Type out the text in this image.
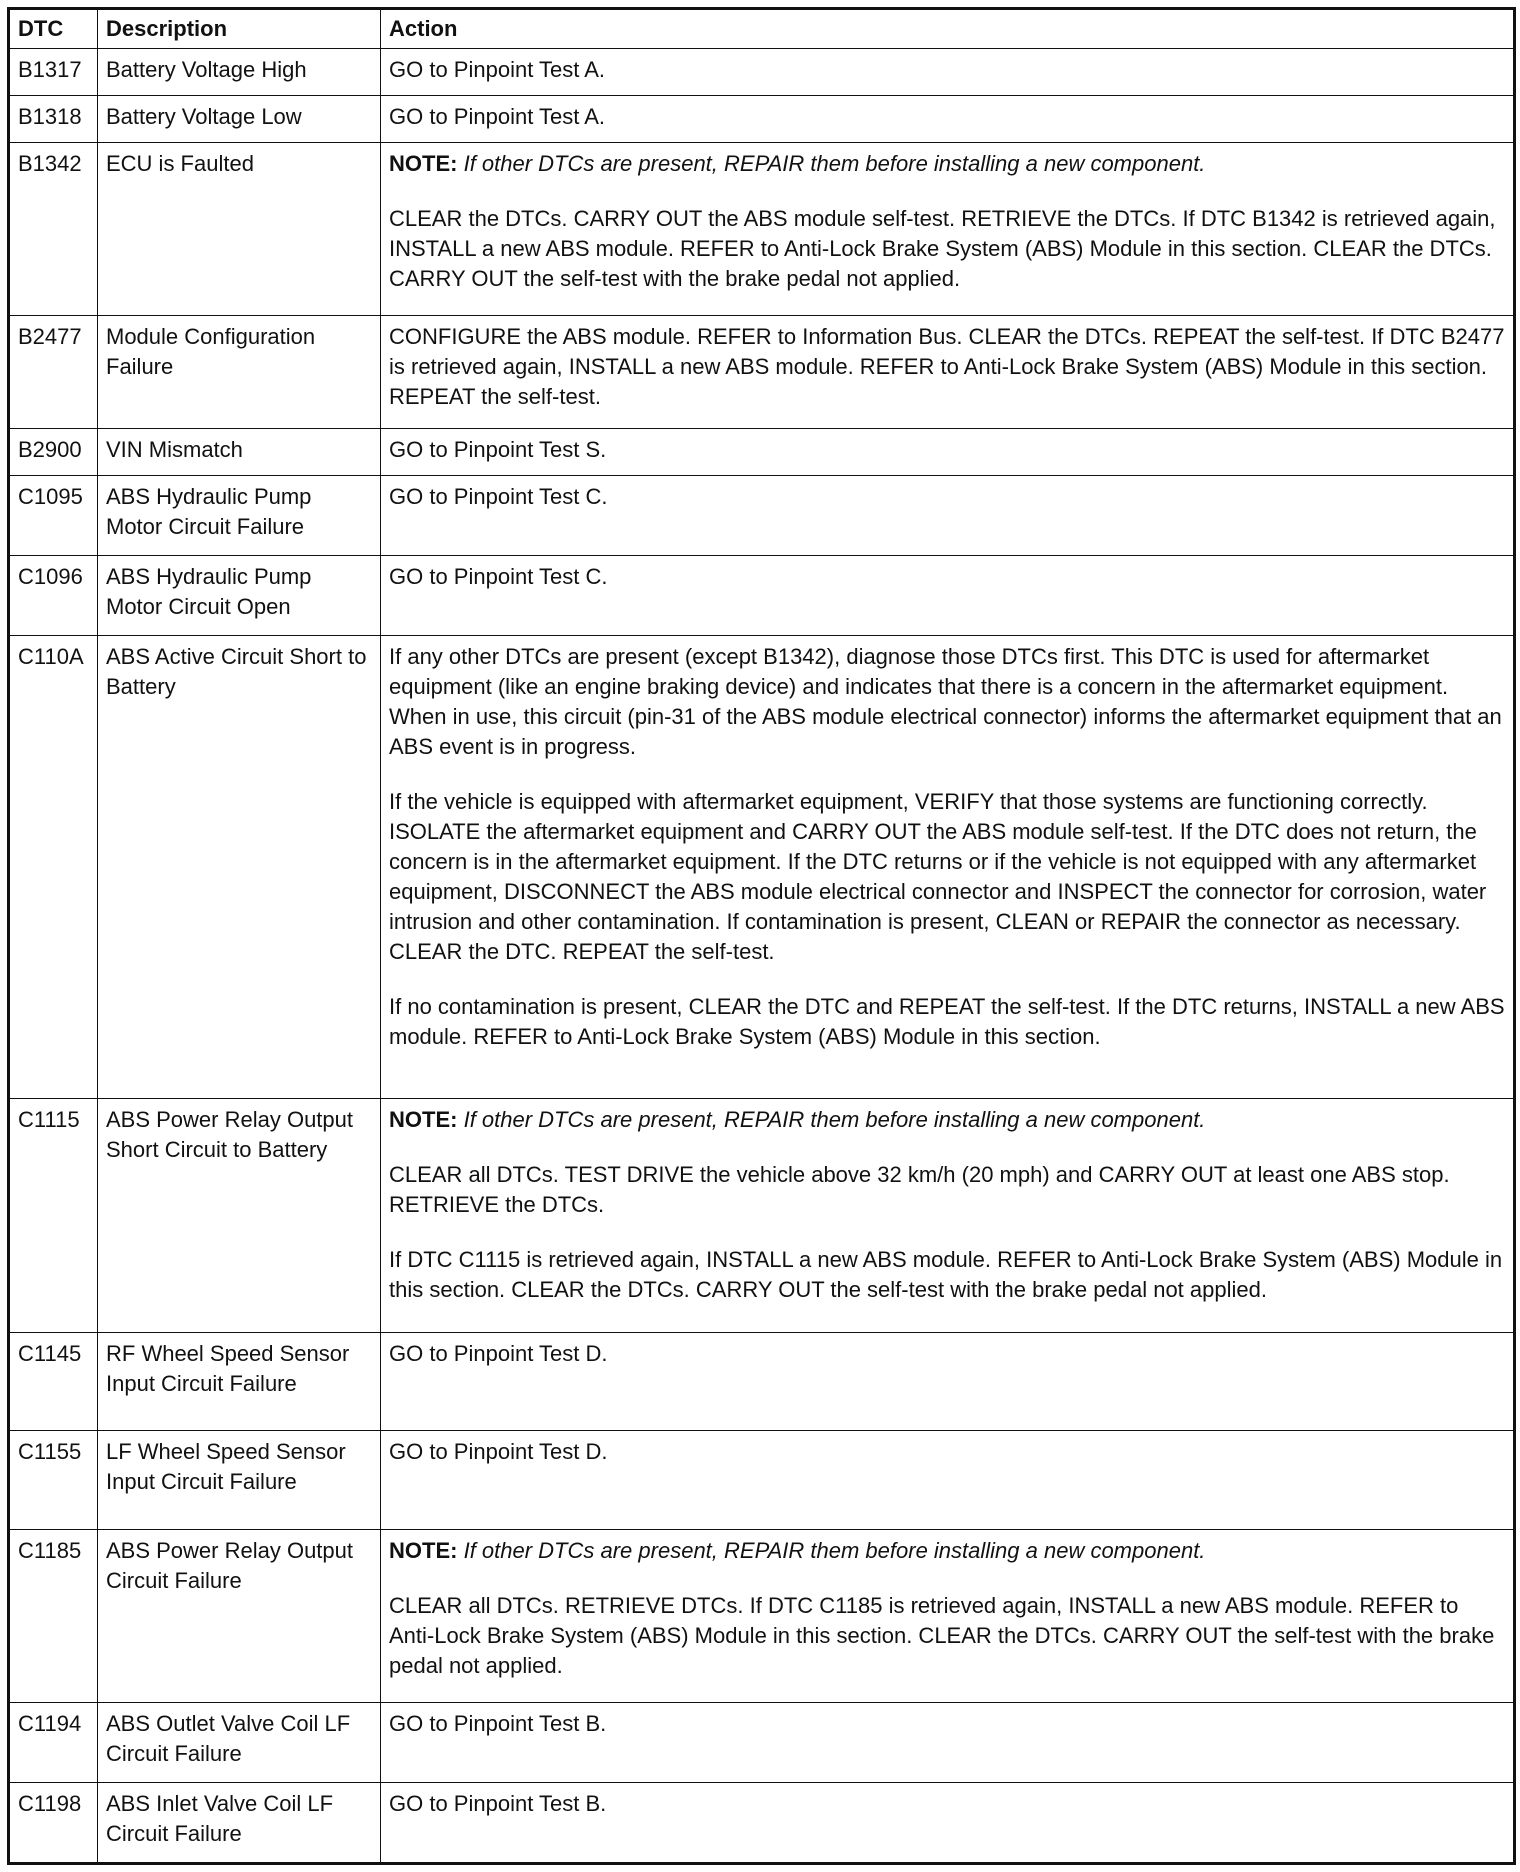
DTC	Description	Action
B1317	Battery Voltage High	GO to Pinpoint Test A.

B1318	Battery Voltage Low	GO to Pinpoint Test A.

B1342	ECU is Faulted	NOTE: If other DTCs are present, REPAIR them before installing a new component.

CLEAR the DTCs. CARRY OUT the ABS module self-test. RETRIEVE the DTCs. If DTC B1342 is retrieved again, INSTALL a new ABS module. REFER to Anti-Lock Brake System (ABS) Module in this section. CLEAR the DTCs. CARRY OUT the self-test with the brake pedal not applied.

B2477	Module Configuration Failure	CONFIGURE the ABS module. REFER to Information Bus. CLEAR the DTCs. REPEAT the self-test. If DTC B2477 is retrieved again, INSTALL a new ABS module. REFER to Anti-Lock Brake System (ABS) Module in this section. REPEAT the self-test.

B2900	VIN Mismatch	GO to Pinpoint Test S.

C1095	ABS Hydraulic Pump Motor Circuit Failure	GO to Pinpoint Test C.

C1096	ABS Hydraulic Pump Motor Circuit Open	GO to Pinpoint Test C.

C110A	ABS Active Circuit Short to Battery	If any other DTCs are present (except B1342), diagnose those DTCs first. This DTC is used for aftermarket equipment (like an engine braking device) and indicates that there is a concern in the aftermarket equipment. When in use, this circuit (pin-31 of the ABS module electrical connector) informs the aftermarket equipment that an ABS event is in progress.

If the vehicle is equipped with aftermarket equipment, VERIFY that those systems are functioning correctly. ISOLATE the aftermarket equipment and CARRY OUT the ABS module self-test. If the DTC does not return, the concern is in the aftermarket equipment. If the DTC returns or if the vehicle is not equipped with any aftermarket equipment, DISCONNECT the ABS module electrical connector and INSPECT the connector for corrosion, water intrusion and other contamination. If contamination is present, CLEAN or REPAIR the connector as necessary. CLEAR the DTC. REPEAT the self-test.

If no contamination is present, CLEAR the DTC and REPEAT the self-test. If the DTC returns, INSTALL a new ABS module. REFER to Anti-Lock Brake System (ABS) Module in this section.

C1115	ABS Power Relay Output Short Circuit to Battery	NOTE: If other DTCs are present, REPAIR them before installing a new component.

CLEAR all DTCs. TEST DRIVE the vehicle above 32 km/h (20 mph) and CARRY OUT at least one ABS stop. RETRIEVE the DTCs.

If DTC C1115 is retrieved again, INSTALL a new ABS module. REFER to Anti-Lock Brake System (ABS) Module in this section. CLEAR the DTCs. CARRY OUT the self-test with the brake pedal not applied.

C1145	RF Wheel Speed Sensor Input Circuit Failure	GO to Pinpoint Test D.

C1155	LF Wheel Speed Sensor Input Circuit Failure	GO to Pinpoint Test D.

C1185	ABS Power Relay Output Circuit Failure	NOTE: If other DTCs are present, REPAIR them before installing a new component.

CLEAR all DTCs. RETRIEVE DTCs. If DTC C1185 is retrieved again, INSTALL a new ABS module. REFER to Anti-Lock Brake System (ABS) Module in this section. CLEAR the DTCs. CARRY OUT the self-test with the brake pedal not applied.

C1194	ABS Outlet Valve Coil LF Circuit Failure	GO to Pinpoint Test B.

C1198	ABS Inlet Valve Coil LF Circuit Failure	GO to Pinpoint Test B.
